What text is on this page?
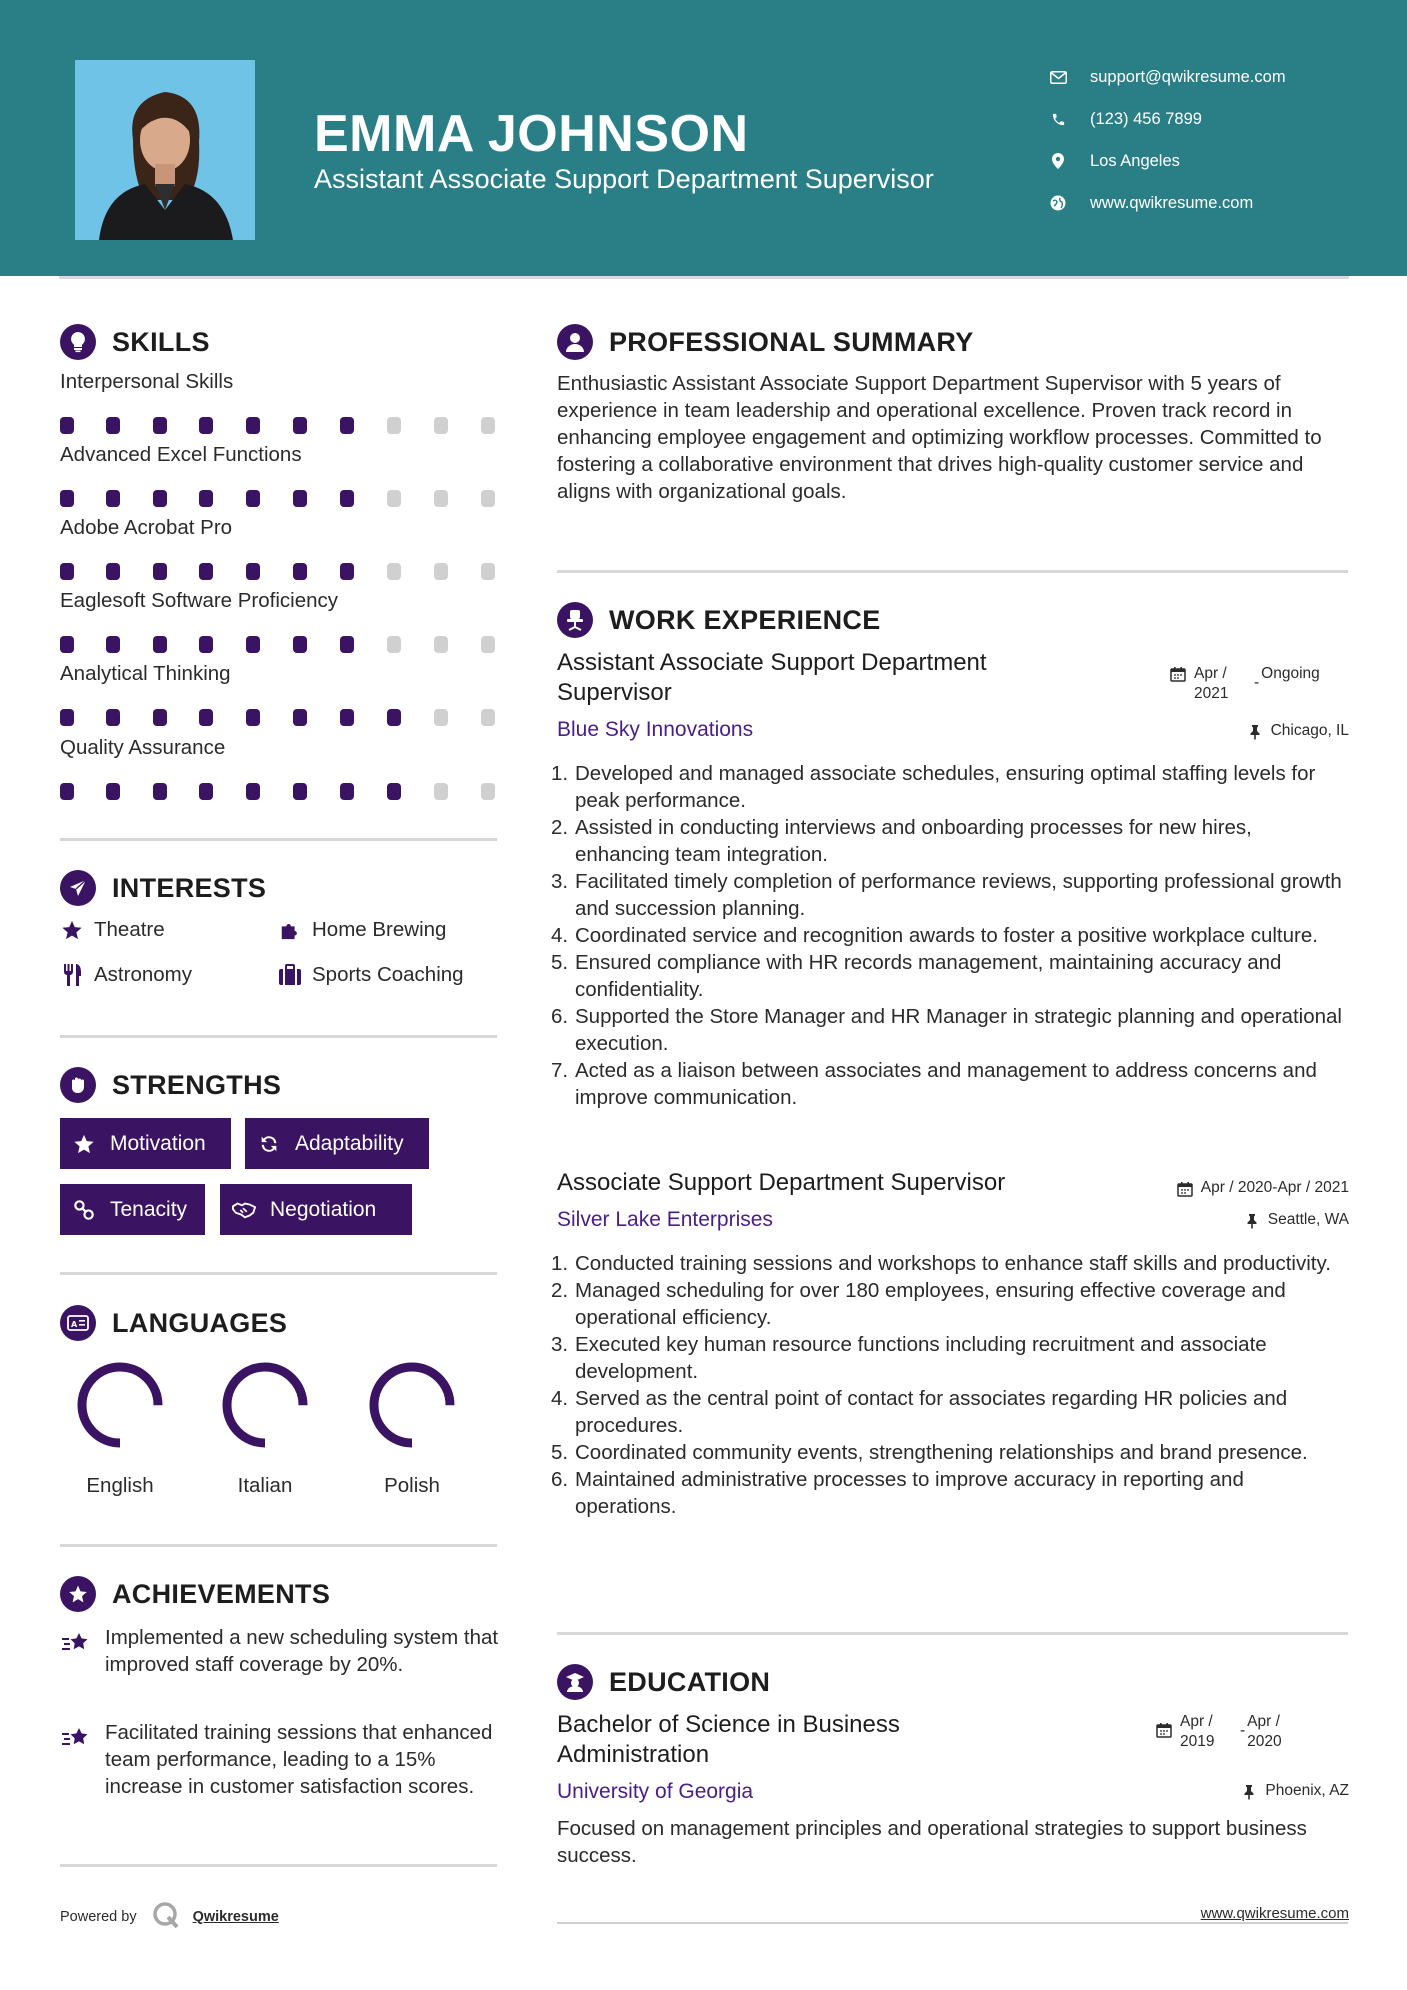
EMMA JOHNSON
Assistant Associate Support Department Supervisor
support@qwikresume.com
(123) 456 7899
Los Angeles
www.qwikresume.com
SKILLS
Interpersonal Skills
Advanced Excel Functions
Adobe Acrobat Pro
Eaglesoft Software Proficiency
Analytical Thinking
Quality Assurance
INTERESTS
Theatre	Home Brewing
Astronomy	Sports Coaching
STRENGTHS
Motivation	Adaptability
Tenacity	Negotiation
A LANGUAGES
English	Italian	Polish
ACHIEVEMENTS
Implemented a new scheduling system that improved staff coverage by 20%.
Facilitated training sessions that enhanced team performance, leading to a 15% increase in customer satisfaction scores.
Powered by	Qwikresume
PROFESSIONAL SUMMARY
Enthusiastic Assistant Associate Support Department Supervisor with 5 years of experience in team leadership and operational excellence. Proven track record in enhancing employee engagement and optimizing workflow processes. Committed to fostering a collaborative environment that drives high-quality customer service and aligns with organizational goals.
WORK EXPERIENCE
Assistant Associate Support Department Supervisor
Apr / 2021
-
Ongoing
Blue Sky Innovations	Chicago, IL
1. Developed and managed associate schedules, ensuring optimal staffing levels for peak performance.
2. Assisted in conducting interviews and onboarding processes for new hires, enhancing team integration.
3. Facilitated timely completion of performance reviews, supporting professional growth and succession planning.
4. Coordinated service and recognition awards to foster a positive workplace culture.
5. Ensured compliance with HR records management, maintaining accuracy and confidentiality.
6. Supported the Store Manager and HR Manager in strategic planning and operational execution.
7. Acted as a liaison between associates and management to address concerns and improve communication.
Associate Support Department Supervisor	Apr / 2020-Apr / 2021
Silver Lake Enterprises	Seattle, WA
1. Conducted training sessions and workshops to enhance staff skills and productivity.
2. Managed scheduling for over 180 employees, ensuring effective coverage and operational efficiency.
3. Executed key human resource functions including recruitment and associate development.
4. Served as the central point of contact for associates regarding HR policies and procedures.
5. Coordinated community events, strengthening relationships and brand presence.
6. Maintained administrative processes to improve accuracy in reporting and operations.
EDUCATION
Bachelor of Science in Business Administration
Apr / 2019
-
Apr / 2020
University of Georgia	Phoenix, AZ
Focused on management principles and operational strategies to support business success.
www.qwikresume.com
